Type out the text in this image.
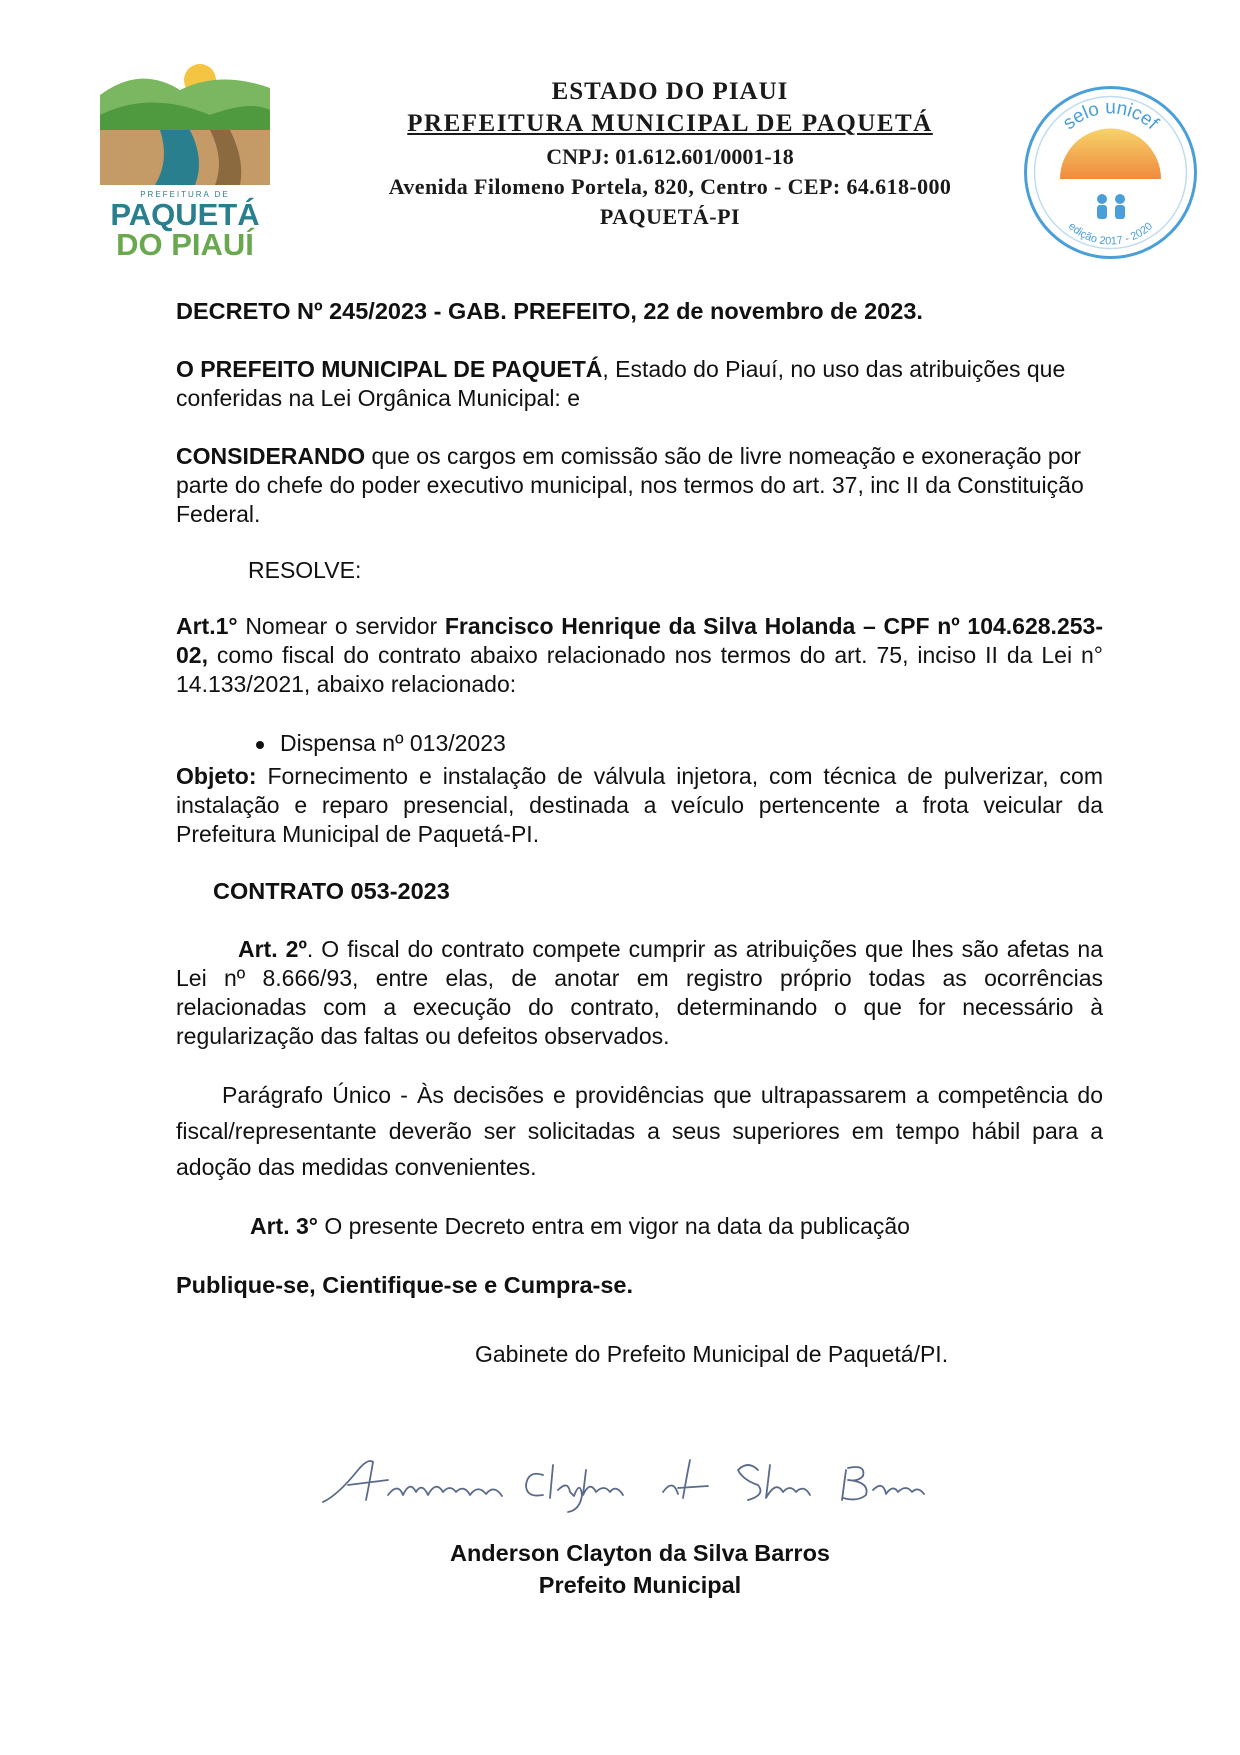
PREFEITURA DE
PAQUETÁ
DO PIAUÍ
ESTADO DO PIAUI
PREFEITURA MUNICIPAL DE PAQUETÁ
CNPJ: 01.612.601/0001-18
Avenida Filomeno Portela, 820, Centro - CEP: 64.618-000
PAQUETÁ-PI
selo unicef
edição 2017 - 2020
DECRETO Nº 245/2023 - GAB. PREFEITO, 22 de novembro de 2023.
O PREFEITO MUNICIPAL DE PAQUETÁ, Estado do Piauí, no uso das atribuições que conferidas na Lei Orgânica Municipal: e
CONSIDERANDO que os cargos em comissão são de livre nomeação e exoneração por parte do chefe do poder executivo municipal, nos termos do art. 37, inc II da Constituição Federal.
RESOLVE:
Art.1° Nomear o servidor Francisco Henrique da Silva Holanda – CPF nº 104.628.253-02, como fiscal do contrato abaixo relacionado nos termos do art. 75, inciso II da Lei n° 14.133/2021, abaixo relacionado:
Dispensa nº 013/2023
Objeto: Fornecimento e instalação de válvula injetora, com técnica de pulverizar, com instalação e reparo presencial, destinada a veículo pertencente a frota veicular da Prefeitura Municipal de Paquetá-PI.
CONTRATO 053-2023
Art. 2º. O fiscal do contrato compete cumprir as atribuições que lhes são afetas na Lei nº 8.666/93, entre elas, de anotar em registro próprio todas as ocorrências relacionadas com a execução do contrato, determinando o que for necessário à regularização das faltas ou defeitos observados.
Parágrafo Único - Às decisões e providências que ultrapassarem a competência do fiscal/representante deverão ser solicitadas a seus superiores em tempo hábil para a adoção das medidas convenientes.
Art. 3° O presente Decreto entra em vigor na data da publicação
Publique-se, Cientifique-se e Cumpra-se.
Gabinete do Prefeito Municipal de Paquetá/PI.
Anderson Clayton da Silva Barros
Prefeito Municipal
